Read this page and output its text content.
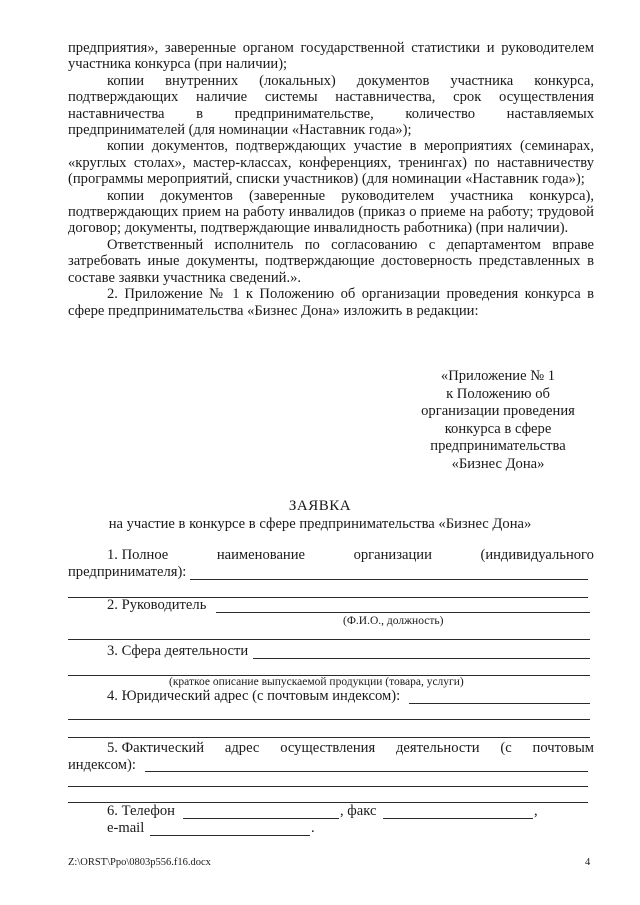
предприятия», заверенные органом государственной статистики и руководителем участника конкурса (при наличии);

копии внутренних (локальных) документов участника конкурса, подтверждающих наличие системы наставничества, срок осуществления наставничества в предпринимательстве, количество наставляемых предпринимателей (для номинации «Наставник года»);

копии документов, подтверждающих участие в мероприятиях (семинарах, «круглых столах», мастер-классах, конференциях, тренингах) по наставничеству (программы мероприятий, списки участников) (для номинации «Наставник года»);

копии документов (заверенные руководителем участника конкурса), подтверждающих прием на работу инвалидов (приказ о приеме на работу; трудовой договор; документы, подтверждающие инвалидность работника) (при наличии).

Ответственный исполнитель по согласованию с департаментом вправе затребовать иные документы, подтверждающие достоверность представленных в составе заявки участника сведений.».

2. Приложение № 1 к Положению об организации проведения конкурса в сфере предпринимательства «Бизнес Дона» изложить в редакции:

«Приложение № 1
к Положению об
организации проведения
конкурса в сфере
предпринимательства
«Бизнес Дона»
ЗАЯВКА
на участие в конкурсе в сфере предпринимательства «Бизнес Дона»
1. Полное	наименование	организации	(индивидуального
предпринимателя):
2. Руководитель
(Ф.И.О., должность)
3. Сфера деятельности
(краткое описание выпускаемой продукции (товара, услуги)
4. Юридический адрес (с почтовым индексом):
5. Фактический адрес осуществления деятельности (с почтовым
индексом):
6. Телефон	, факс	,
e-mail	.
Z:\ORST\Ppo\0803p556.f16.docx	4
